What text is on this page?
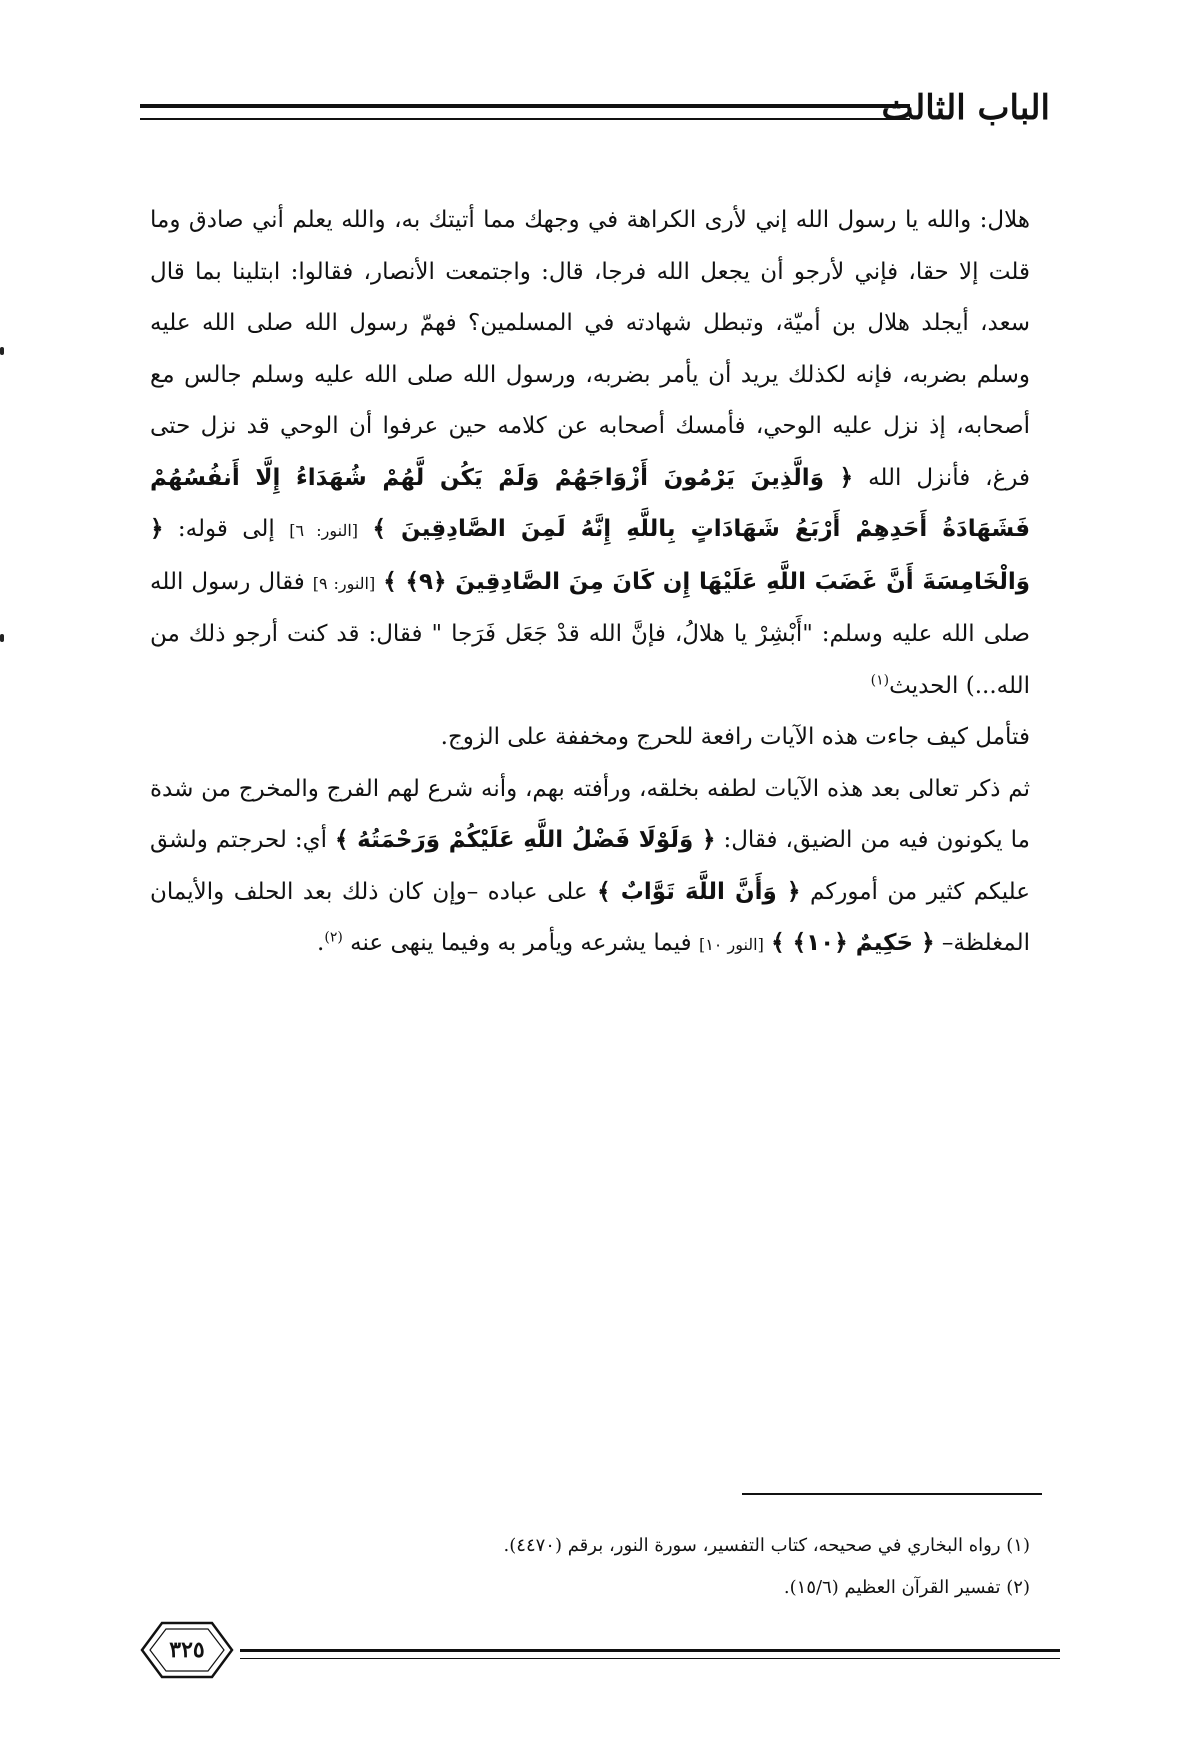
الباب الثالث

هلال: والله يا رسول الله إني لأرى الكراهة في وجهك مما أتيتك به، والله يعلم أني صادق وما قلت إلا حقا، فإني لأرجو أن يجعل الله فرجا، قال: واجتمعت الأنصار، فقالوا: ابتلينا بما قال سعد، أيجلد هلال بن أميّة، وتبطل شهادته في المسلمين؟ فهمّ رسول الله صلى الله عليه وسلم بضربه، فإنه لكذلك يريد أن يأمر بضربه، ورسول الله صلى الله عليه وسلم جالس مع أصحابه، إذ نزل عليه الوحي، فأمسك أصحابه عن كلامه حين عرفوا أن الوحي قد نزل حتى فرغ، فأنزل الله ﴿ وَالَّذِينَ يَرْمُونَ أَزْوَاجَهُمْ وَلَمْ يَكُن لَّهُمْ شُهَدَاءُ إِلَّا أَنفُسُهُمْ فَشَهَادَةُ أَحَدِهِمْ أَرْبَعُ شَهَادَاتٍ بِاللَّهِ إِنَّهُ لَمِنَ الصَّادِقِينَ ﴾ [النور: ٦] إلى قوله: ﴿ وَالْخَامِسَةَ أَنَّ غَضَبَ اللَّهِ عَلَيْهَا إِن كَانَ مِنَ الصَّادِقِينَ ﴿٩﴾ ﴾ [النور: ٩] فقال رسول الله صلى الله عليه وسلم: "أَبْشِرْ يا هلالُ، فإنَّ الله قدْ جَعَل فَرَجا " فقال: قد كنت أرجو ذلك من الله...) الحديث$^{(١)}$

فتأمل كيف جاءت هذه الآيات رافعة للحرج ومخففة على الزوج.

ثم ذكر تعالى بعد هذه الآيات لطفه بخلقه، ورأفته بهم، وأنه شرع لهم الفرج والمخرج من شدة ما يكونون فيه من الضيق، فقال: ﴿ وَلَوْلَا فَضْلُ اللَّهِ عَلَيْكُمْ وَرَحْمَتُهُ ﴾ أي: لحرجتم ولشق عليكم كثير من أموركم ﴿ وَأَنَّ اللَّهَ تَوَّابٌ ﴾ على عباده –وإن كان ذلك بعد الحلف والأيمان المغلظة– ﴿ حَكِيمٌ ﴿١٠﴾ ﴾ [النور ١٠] فيما يشرعه ويأمر به وفيما ينهى عنه $^{(٢)}$.

(١) رواه البخاري في صحيحه، كتاب التفسير، سورة النور، برقم (٤٤٧٠).
(٢) تفسير القرآن العظيم (١٥/٦).
٣٢٥
